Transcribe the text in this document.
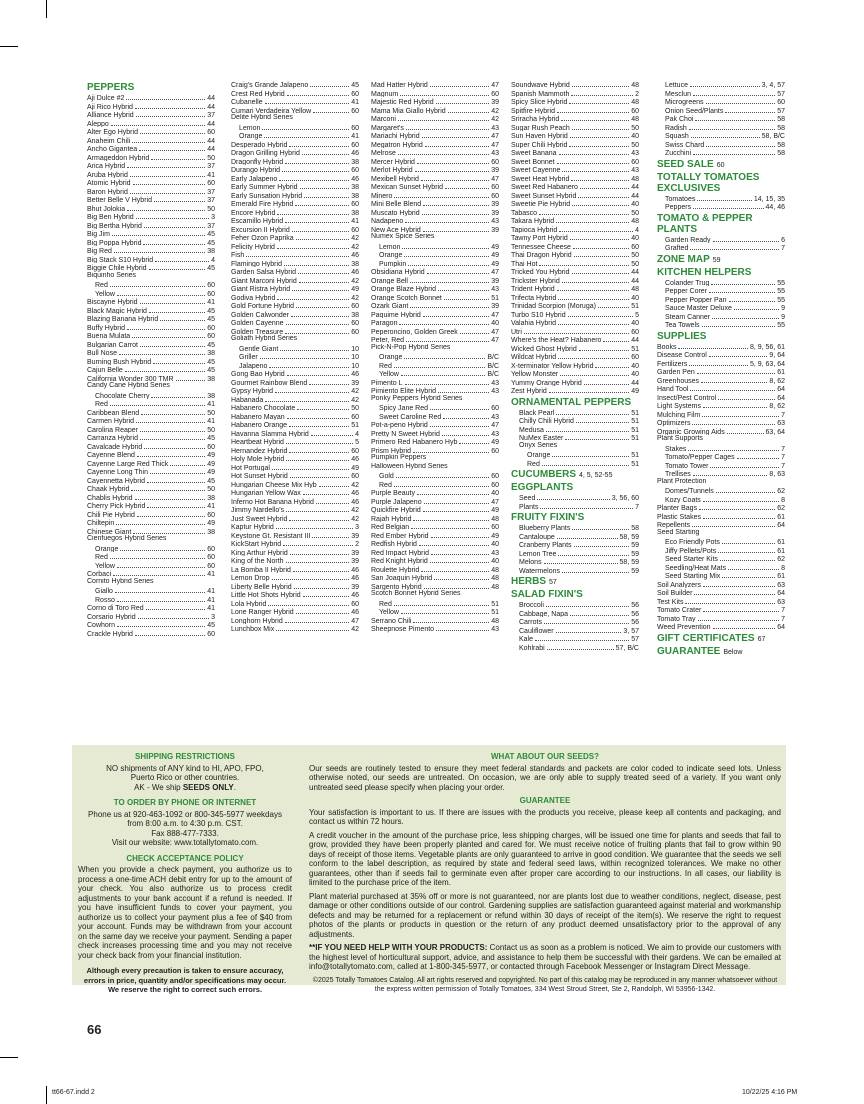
PEPPERS
Aji Dulce #2	44
Aji Rico Hybrid	44
Alliance Hybrid	37
Aleppo	44
Alter Ego Hybrid	60
Anaheim Chili	44
Ancho Gigantea	44
Armageddon Hybrid	50
Arica Hybrid	37
Aruba Hybrid	41
Atomic Hybrid	60
Baron Hybrid	37
Better Belle V Hybrid	37
Bhut Jolokia	50
Big Ben Hybrid	3
Big Bertha Hybrid	37
Big Jim	45
Big Poppa Hybrid	45
Big Red	38
Big Stack S10 Hybrid	4
Biggie Chile Hybrid	45
Biquinho Series
Red	60
Yellow	60
Biscayne Hybrid	41
Black Magic Hybrid	45
Blazing Banana Hybrid	45
Buffy Hybrid	60
Buena Mulata	60
Bulgarian Carrot	45
Bull Nose	38
Burning Bush Hybrid	45
Cajun Belle	45
California Wonder 300 TMR	38
Candy Cane Hybrid Series
Chocolate Cherry	38
Red	41
Caribbean Blend	50
Carmen Hybrid	41
Carolina Reaper	50
Carranza Hybrid	45
Cavalcade Hybrid	60
Cayenne Blend	49
Cayenne Large Red Thick	49
Cayenne Long Thin	49
Cayennetta Hybrid	45
Chaak Hybrid	50
Chablis Hybrid	38
Cherry Pick Hybrid	41
Chili Pie Hybrid	60
Chiltepin	49
Chinese Giant	38
Cienfuegos Hybrid Series
Orange	60
Red	60
Yellow	60
Corbaci	41
Cornito Hybrid Series
Giallo	41
Rosso	41
Corno di Toro Red	41
Corsario Hybrid	3
Cowhorn	45
Crackle Hybrid	60
Craig's Grande Jalapeno	45
Crest Red Hybrid	60
Cubanelle	41
Cumari Verdadeira Yellow	60
Delite Hybrid Series
Lemon	60
Orange	41
Desperado Hybrid	60
Dragon Grilling Hybrid	46
Dragonfly Hybrid	38
Durango Hybrid	60
Early Jalapeno	46
Early Summer Hybrid	38
Early Sunsation Hybrid	38
Emerald Fire Hybrid	60
Encore Hybrid	38
Escamillo Hybrid	41
Excursion II Hybrid	60
Feher Ozon Paprika	42
Felicity Hybrid	42
Fish	46
Flamingo Hybrid	38
Garden Salsa Hybrid	46
Giant Marconi Hybrid	42
Giant Ristra Hybrid	49
Godiva Hybrid	42
Gold Fortune Hybrid	60
Golden Calwonder	38
Golden Cayenne	60
Golden Treasure	60
Goliath Hybrid Series
Gentle Giant	10
Griller	10
Jalapeno	10
Gong Bao Hybrid	46
Gourmet Rainbow Blend	39
Gypsy Hybrid	42
Habanada	42
Habanero Chocolate	50
Habanero Mayan	60
Habanero Orange	51
Havanna Slamma Hybrid	4
Heartbeat Hybrid	5
Hernandez Hybrid	60
Holy Mole Hybrid	46
Hot Portugal	49
Hot Sunset Hybrid	60
Hungarian Cheese Mix Hyb	42
Hungarian Yellow Wax	46
Inferno Hot Banana Hybrid	46
Jimmy Nardello's	42
Just Sweet Hybrid	42
Kaptur Hybrid	3
Keystone Gt. Resistant III	39
KickStart Hybrid	2
King Arthur Hybrid	39
King of the North	39
La Bomba II Hybrid	46
Lemon Drop	46
Liberty Belle Hybrid	39
Little Hot Shots Hybrid	46
Lola Hybrid	60
Lone Ranger Hybrid	46
Longhorn Hybrid	47
Lunchbox Mix	42
Mad Hatter Hybrid	47
Magnum	60
Majestic Red Hybrid	39
Mama Mia Giallo Hybrid	42
Marconi	42
Margaret's	43
Mariachi Hybrid	47
Megatron Hybrid	47
Melrose	43
Mercer Hybrid	60
Merlot Hybrid	39
Mexibell Hybrid	47
Mexican Sunset Hybrid	60
Minero	60
Mini Belle Blend	39
Muscato Hybrid	39
Nadapeno	43
New Ace Hybrid	39
Numex Spice Series
Lemon	49
Orange	49
Pumpkin	49
Obsidiana Hybrid	47
Orange Bell	39
Orange Blaze Hybrid	43
Orange Scotch Bonnet	51
Ozark Giant	39
Paquime Hybrid	47
Paragon	40
Peperoncino, Golden Greek	47
Peter, Red	47
Pick-N-Pop Hybrid Series
Orange	B/C
Red	B/C
Yellow	B/C
Pimento L	43
Pimiento Elite Hybrid	43
Ponky Peppers Hybrid Series
Spicy Jane Red	60
Sweet Caroline Red	43
Pot-a-peno Hybrid	47
Pretty N Sweet Hybrid	43
Primero Red Habanero Hyb	49
Prism Hybrid	60
Pumpkin Peppers
Halloween Hybrid Series
Gold	60
Red	60
Purple Beauty	40
Purple Jalapeno	47
Quickfire Hybrid	49
Rajah Hybrid	48
Red Belgian	60
Red Ember Hybrid	49
Redfish Hybrid	40
Red Impact Hybrid	43
Red Knight Hybrid	40
Roulette Hybrid	48
San Joaquin Hybrid	48
Sargento Hybrid	48
Scotch Bonnet Hybrid Series
Red	51
Yellow	51
Serrano Chili	48
Sheepnose Pimento	43
Soundwave Hybrid	48
Spanish Mammoth	2
Spicy Slice Hybrid	48
Spitfire Hybrid	60
Sriracha Hybrid	48
Sugar Rush Peach	50
Sun Haven Hybrid	40
Super Chili Hybrid	50
Sweet Banana	43
Sweet Bonnet	60
Sweet Cayenne	43
Sweet Heat Hybrid	48
Sweet Red Habanero	44
Sweet Sunset Hybrid	44
Sweetie Pie Hybrid	40
Tabasco	50
Takara Hybrid	48
Tapioca Hybrid	4
Tawny Port Hybrid	40
Tennessee Cheese	60
Thai Dragon Hybrid	50
Thai Hot	50
Tricked You Hybrid	44
Trickster Hybrid	44
Trident Hybrid	48
Trifecta Hybrid	40
Trinidad Scorpion (Moruga)	51
Turbo S10 Hybrid	5
Valahia Hybrid	40
Utri	60
Where's the Heat? Habanero	44
Wicked Ghost Hybrid	51
Wildcat Hybrid	60
X-terminator Yellow Hybrid	40
Yellow Monster	40
Yummy Orange Hybrid	44
Zest Hybrid	49
ORNAMENTAL PEPPERS
Black Pearl	51
Chilly Chili Hybrid	51
Medusa	51
NuMex Easter	51
Onyx Series
Orange	51
Red	51
CUCUMBERS 4, 5, 52-55
EGGPLANTS
Seed	3, 56, 60
Plants	7
FRUITY FIXIN'S
Blueberry Plants	58
Cantaloupe	58, 59
Cranberry Plants	59
Lemon Tree	59
Melons	58, 59
Watermelons	59
HERBS 57
SALAD FIXIN'S
Broccoli	56
Cabbage, Napa	56
Carrots	56
Cauliflower	3, 57
Kale	57
Kohlrabi	57, B/C
Lettuce	3, 4, 57
Mesclun	57
Microgreens	60
Onion Seed/Plants	57
Pak Choi	58
Radish	58
Squash	58, B/C
Swiss Chard	58
Zucchini	58
SEED SALE 60
TOTALLY TOMATOES EXCLUSIVES
Tomatoes	14, 15, 35
Peppers	44, 46
TOMATO & PEPPER PLANTS
Garden Ready	6
Grafted	7
ZONE MAP 59
KITCHEN HELPERS
Colander Trug	55
Pepper Corer	55
Pepper Popper Pan	55
Sauce Master Deluxe	9
Steam Canner	9
Tea Towels	55
SUPPLIES
Books	8, 9, 56, 61
Disease Control	9, 64
Fertilizers	5, 9, 63, 64
Garden Pen	61
Greenhouses	8, 62
Hand Tool	64
Insect/Pest Control	64
Light Systems	8, 62
Mulching Film	7
Optimizers	63
Organic Growing Aids	63, 64
Plant Supports
Stakes	7
Tomato/Pepper Cages	7
Tomato Tower	7
Trellises	8, 63
Plant Protection
Domes/Tunnels	62
Kozy Coats	8
Planter Bags	62
Plastic Stakes	61
Repellents	64
Seed Starting
Eco Friendly Pots	61
Jiffy Pellets/Pots	61
Seed Starter Kits	62
Seedling/Heat Mats	8
Seed Starting Mix	61
Soil Analyzers	63
Soil Builder	64
Test Kits	63
Tomato Crater	7
Tomato Tray	7
Weed Prevention	64
GIFT CERTIFICATES 67
GUARANTEE Below
SHIPPING RESTRICTIONS
NO shipments of ANY kind to HI, APO, FPO,
Puerto Rico or other countries.
AK - We ship SEEDS ONLY.
TO ORDER BY PHONE OR INTERNET
Phone us at 920-463-1092 or 800-345-5977 weekdays
from 8:00 a.m. to 4:30 p.m. CST.
Fax 888-477-7333.
Visit our website: www.totallytomato.com.
CHECK ACCEPTANCE POLICY
When you provide a check payment, you authorize us to process a one-time ACH debit entry for up to the amount of your check. You also authorize us to process credit adjustments to your bank account if a refund is needed. If you have insufficient funds to cover your payment, you authorize us to collect your payment plus a fee of $40 from your account. Funds may be withdrawn from your account on the same day we receive your payment. Sending a paper check increases processing time and you may not receive your check back from your financial institution.
Although every precaution is taken to ensure accuracy, errors in price, quantity and/or specifications may occur. We reserve the right to correct such errors.
WHAT ABOUT OUR SEEDS?
Our seeds are routinely tested to ensure they meet federal standards and packets are color coded to indicate seed lots. Unless otherwise noted, our seeds are untreated. On occasion, we are only able to supply treated seed of a variety. If you want only untreated seed please specify when placing your order.
GUARANTEE
Your satisfaction is important to us. If there are issues with the products you receive, please keep all contents and packaging, and contact us within 72 hours.
A credit voucher in the amount of the purchase price, less shipping charges, will be issued one time for plants and seeds that fail to grow, provided they have been properly planted and cared for. We must receive notice of fruiting plants that fail to grow within 90 days of receipt of those items. Vegetable plants are only guaranteed to arrive in good condition. We guarantee that the seeds we sell conform to the label description, as required by state and federal seed laws, within recognized tolerances. We make no other guarantees, other than if seeds fail to germinate even after proper care according to our instructions. In all cases, our liability is limited to the purchase price of the item.
Plant material purchased at 35% off or more is not guaranteed, nor are plants lost due to weather conditions, neglect, disease, pest damage or other conditions outside of our control. Gardening supplies are satisfaction guaranteed against material and workmanship defects and may be returned for a replacement or refund within 30 days of receipt of the item(s). We reserve the right to request photos of the plants or products in question or the return of any product deemed unsatisfactory prior to the approval of any adjustments.
**IF YOU NEED HELP WITH YOUR PRODUCTS: Contact us as soon as a problem is noticed. We aim to provide our customers with the highest level of horticultural support, advice, and assistance to help them be successful with their gardens. We can be emailed at info@totallytomato.com, called at 1-800-345-5977, or contacted through Facebook Messenger or Instagram Direct Message.
©2025 Totally Tomatoes Catalog. All art rights reserved and copyrighted. No part of this catalog may be reproduced in any manner whatsoever without the express written permission of Totally Tomatoes, 334 West Stroud Street, Ste 2, Randolph, WI 53956-1342.
66
tt66-67.indd 2	10/22/25 4:16 PM
